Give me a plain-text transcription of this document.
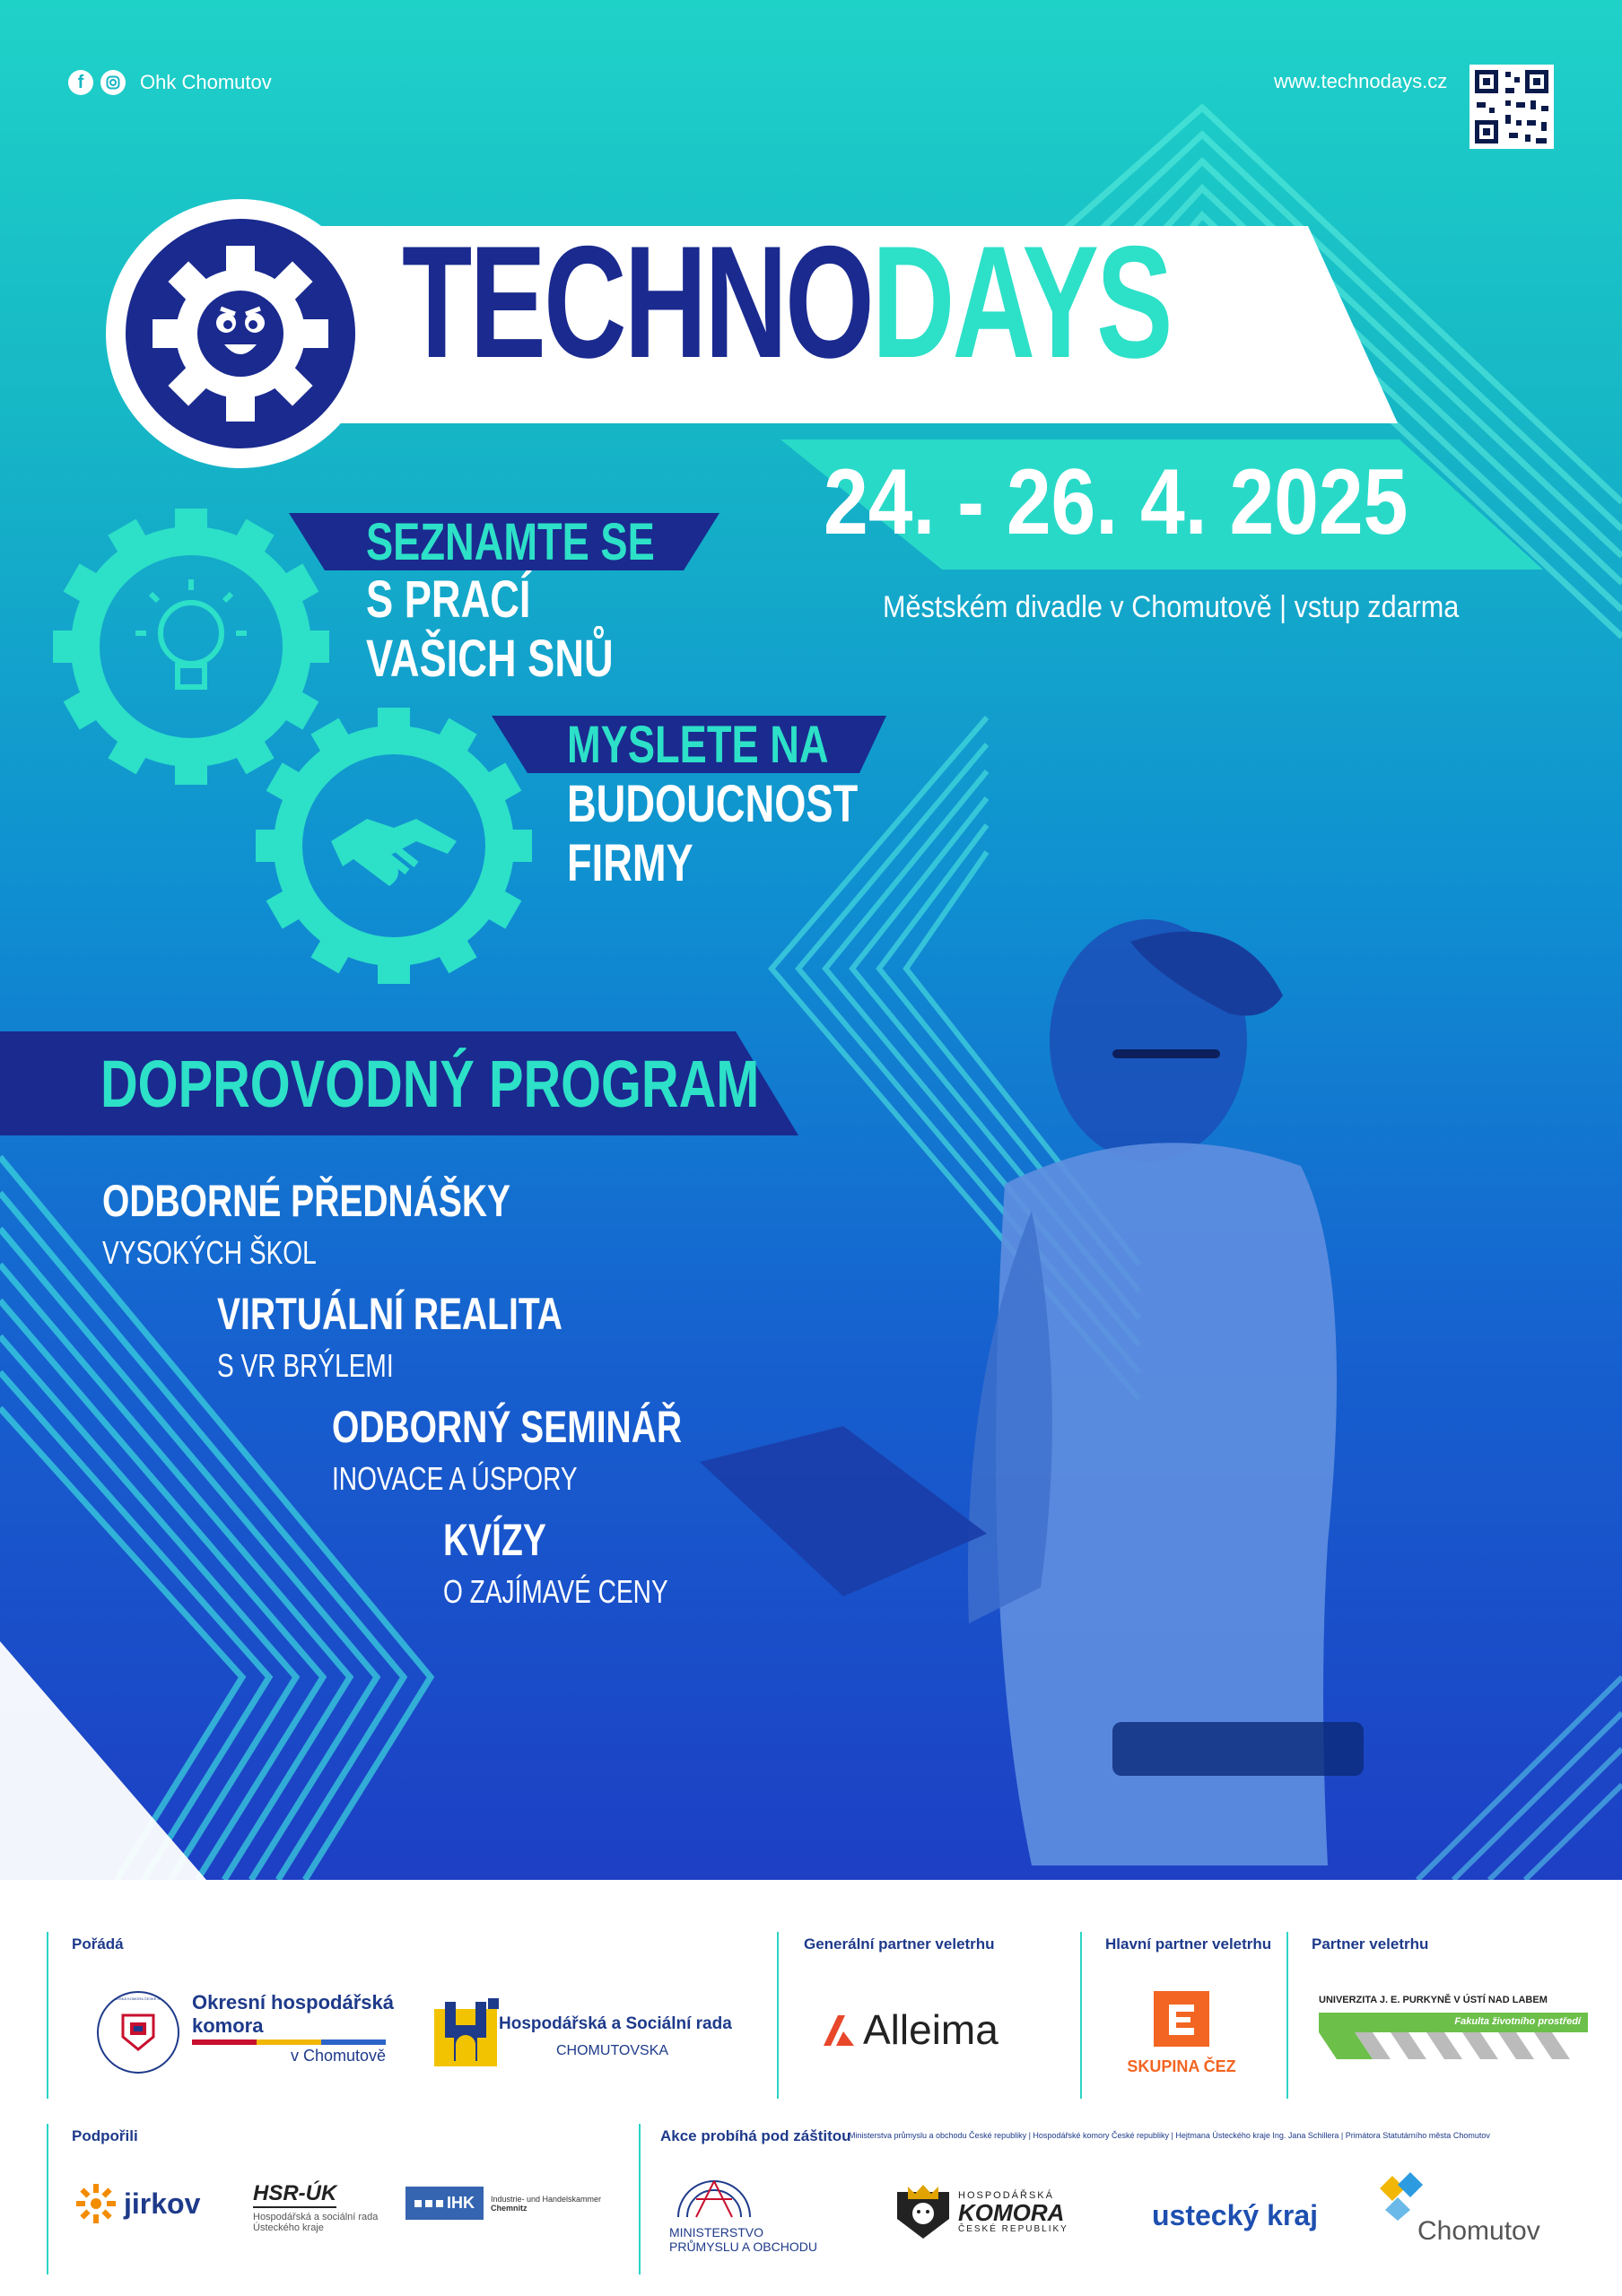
f	Ohk Chomutov	www.technodays.cz
TECHNODAYS
24. - 26. 4. 2025
Městském divadle v Chomutově | vstup zdarma
SEZNAMTE SE
S PRACÍ
VAŠICH SNŮ
MYSLETE NA
BUDOUCNOST
FIRMY
DOPROVODNÝ PROGRAM
ODBORNÉ PŘEDNÁŠKY
VYSOKÝCH ŠKOL
VIRTUÁLNÍ REALITA
S VR BRÝLEMI
ODBORNÝ SEMINÁŘ
INOVACE A ÚSPORY
KVÍZY
O ZAJÍMAVÉ CENY
Pořádá	Generální partner veletrhu	Hlavní partner veletrhu	Partner veletrhu
Podpořili	Akce probíhá pod záštitou
Ministerstva průmyslu a obchodu České republiky | Hospodářské komory České republiky | Hejtmana Ústeckého kraje Ing. Jana Schillera | Primátora Statutárního města Chomutov
HOSPODÁŘSKÁ KOMORA ČESKÉ REPUBLIKY Okresní hospodářská
komora
v Chomutově
Hospodářská a Sociální rada
CHOMUTOVSKA	Alleima
SKUPINA ČEZ
UNIVERZITA J. E. PURKYNĚ V ÚSTÍ NAD LABEM
Fakulta životního prostředí
jirkov HSR-ÚK
Hospodářská a sociální rada
Ústeckého kraje
IHK Industrie- und Handelskammer
Chemnitz
MINISTERSTVO
PRŮMYSLU A OBCHODU
HOSPODÁŘSKÁ
KOMORA
ČESKÉ REPUBLIKY	ustecký kraj	Chomutov
